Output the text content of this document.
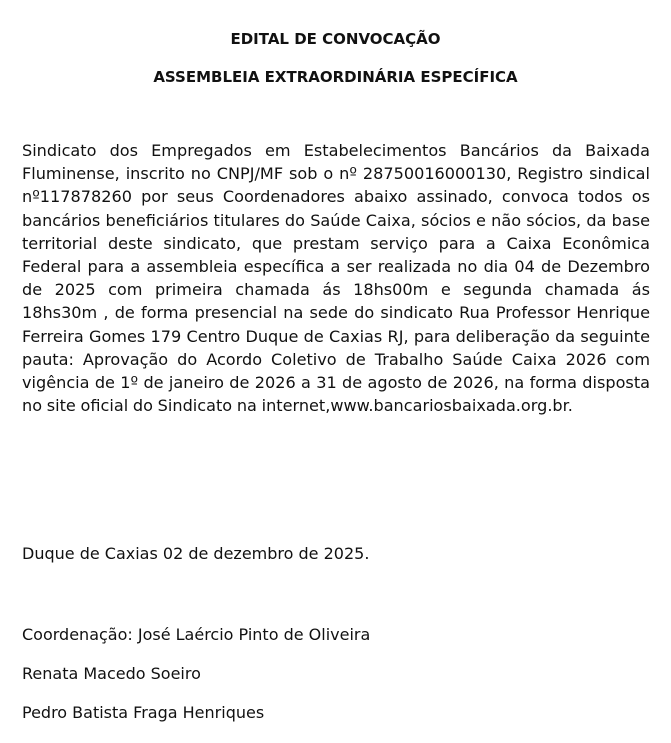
EDITAL DE CONVOCAÇÃO
ASSEMBLEIA EXTRAORDINÁRIA ESPECÍFICA

Sindicato dos Empregados em Estabelecimentos Bancários da Baixada Fluminense, inscrito no CNPJ/MF sob o nº 28750016000130, Registro sindical nº117878260 por seus Coordenadores abaixo assinado, convoca todos os bancários beneficiários titulares do Saúde Caixa, sócios e não sócios, da base territorial deste sindicato, que prestam serviço para a Caixa Econômica Federal para a assembleia específica a ser realizada no dia 04 de Dezembro de 2025 com primeira chamada ás 18hs00m e segunda chamada ás 18hs30m , de forma presencial na sede do sindicato Rua Professor Henrique Ferreira Gomes 179 Centro Duque de Caxias RJ, para deliberação da seguinte pauta: Aprovação do Acordo Coletivo de Trabalho Saúde Caixa 2026 com vigência de 1º de janeiro de 2026 a 31 de agosto de 2026, na forma disposta no site oficial do Sindicato na internet,www.bancariosbaixada.org.br.

Duque de Caxias 02 de dezembro de 2025.

Coordenação: José Laércio Pinto de Oliveira

Renata Macedo Soeiro

Pedro Batista Fraga Henriques
